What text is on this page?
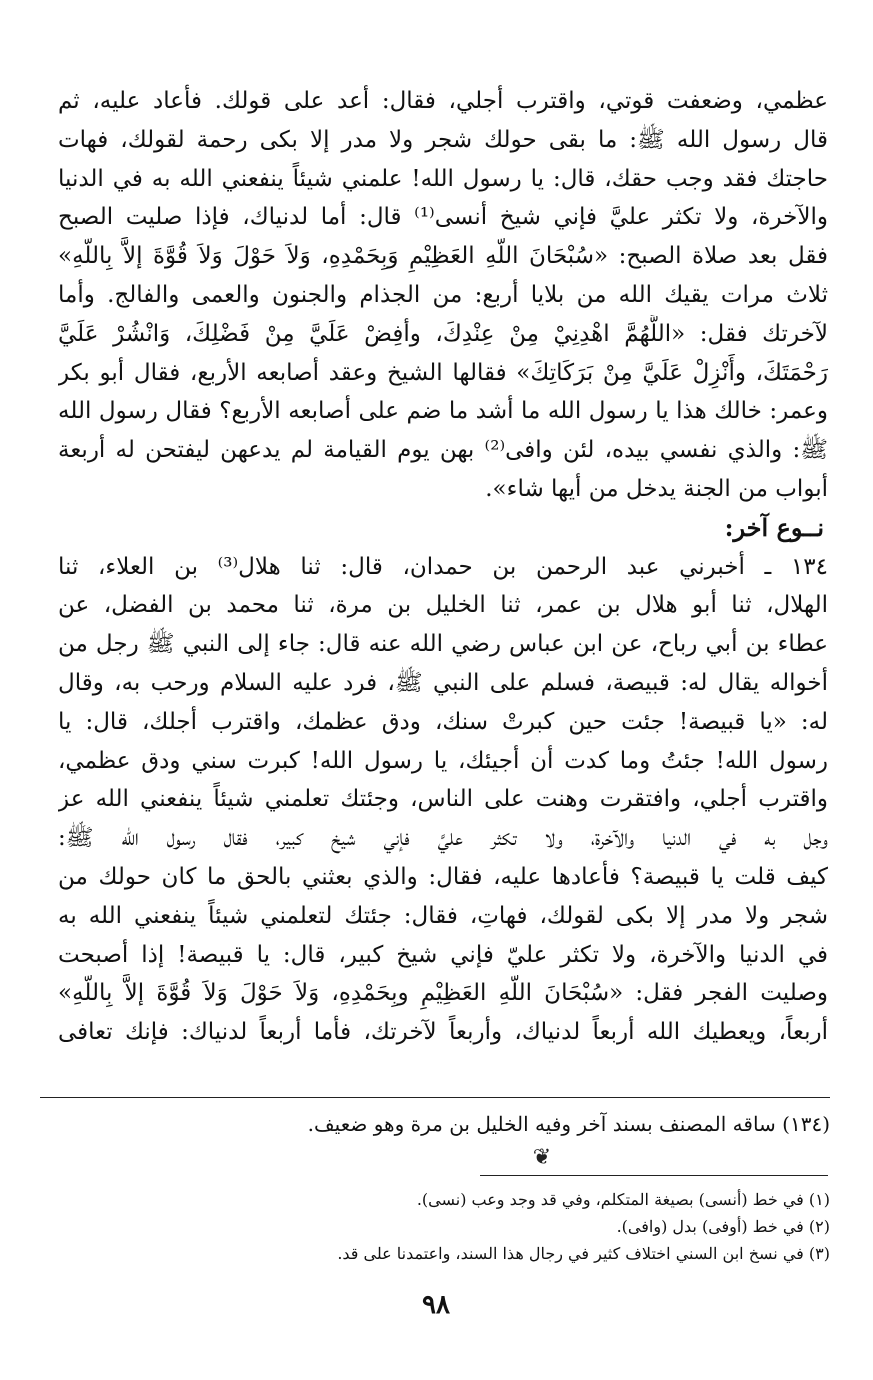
عظمي، وضعفت قوتي، واقترب أجلي، فقال: أعد على قولك. فأعاد عليه، ثم
قال رسول الله ﷺ: ما بقى حولك شجر ولا مدر إلا بكى رحمة لقولك، فهات
حاجتك فقد وجب حقك، قال: يا رسول الله! علمني شيئاً ينفعني الله به في الدنيا
والآخرة، ولا تكثر عليَّ فإني شيخ أنسى⁽¹⁾ قال: أما لدنياك، فإذا صليت الصبح
فقل بعد صلاة الصبح: «سُبْحَانَ اللّهِ العَظِيْمِ وَبِحَمْدِهِ، وَلاَ حَوْلَ وَلاَ قُوَّةَ إلاَّ بِاللّهِ»
ثلاث مرات يقيك الله من بلايا أربع: من الجذام والجنون والعمى والفالج. وأما
لآخرتك فقل: «اللَّهُمَّ اهْدِنِيْ مِنْ عِنْدِكَ، وأفِضْ عَلَيَّ مِنْ فَضْلِكَ، وَانْشُرْ عَلَيَّ
رَحْمَتَكَ، وأَنْزِلْ عَلَيَّ مِنْ بَرَكَاتِكَ» فقالها الشيخ وعقد أصابعه الأربع، فقال أبو بكر
وعمر: خالك هذا يا رسول الله ما أشد ما ضم على أصابعه الأربع؟ فقال رسول الله
ﷺ: والذي نفسي بيده، لئن وافى⁽²⁾ بهن يوم القيامة لم يدعهن ليفتحن له أربعة
أبواب من الجنة يدخل من أيها شاء».
نــوع آخر:
١٣٤ ـ أخبرني عبد الرحمن بن حمدان، قال: ثنا هلال⁽³⁾ بن العلاء، ثنا
الهلال، ثنا أبو هلال بن عمر، ثنا الخليل بن مرة، ثنا محمد بن الفضل، عن
عطاء بن أبي رباح، عن ابن عباس رضي الله عنه قال: جاء إلى النبي ﷺ رجل من
أخواله يقال له: قبيصة، فسلم على النبي ﷺ، فرد عليه السلام ورحب به، وقال
له: «يا قبيصة! جئت حين كبرتْ سنك، ودق عظمك، واقترب أجلك، قال: يا
رسول الله! جئتُ وما كدت أن أجيئك، يا رسول الله! كبرت سني ودق عظمي،
واقترب أجلي، وافتقرت وهنت على الناس، وجئتك تعلمني شيئاً ينفعني الله عز
وجل به في الدنيا والآخرة، ولا تكثر عليَّ فإني شيخ كبير، فقال رسول الله ﷺ:
كيف قلت يا قبيصة؟ فأعادها عليه، فقال: والذي بعثني بالحق ما كان حولك من
شجر ولا مدر إلا بكى لقولك، فهاتِ، فقال: جئتك لتعلمني شيئاً ينفعني الله به
في الدنيا والآخرة، ولا تكثر عليّ فإني شيخ كبير، قال: يا قبيصة! إذا أصبحت
وصليت الفجر فقل: «سُبْحَانَ اللّهِ العَظِيْمِ وبِحَمْدِهِ، وَلاَ حَوْلَ وَلاَ قُوَّةَ إلاَّ بِاللّهِ»
أربعاً، ويعطيك الله أربعاً لدنياك، وأربعاً لآخرتك، فأما أربعاً لدنياك: فإنك تعافى
(١٣٤) ساقه المصنف بسند آخر وفيه الخليل بن مرة وهو ضعيف.
❦
(١) في خط (أنسى) بصيغة المتكلم، وفي قد وجد وعب (نسى).
(٢) في خط (أوفى) بدل (وافى).
(٣) في نسخ ابن السني اختلاف كثير في رجال هذا السند، واعتمدنا على قد.
٩٨
